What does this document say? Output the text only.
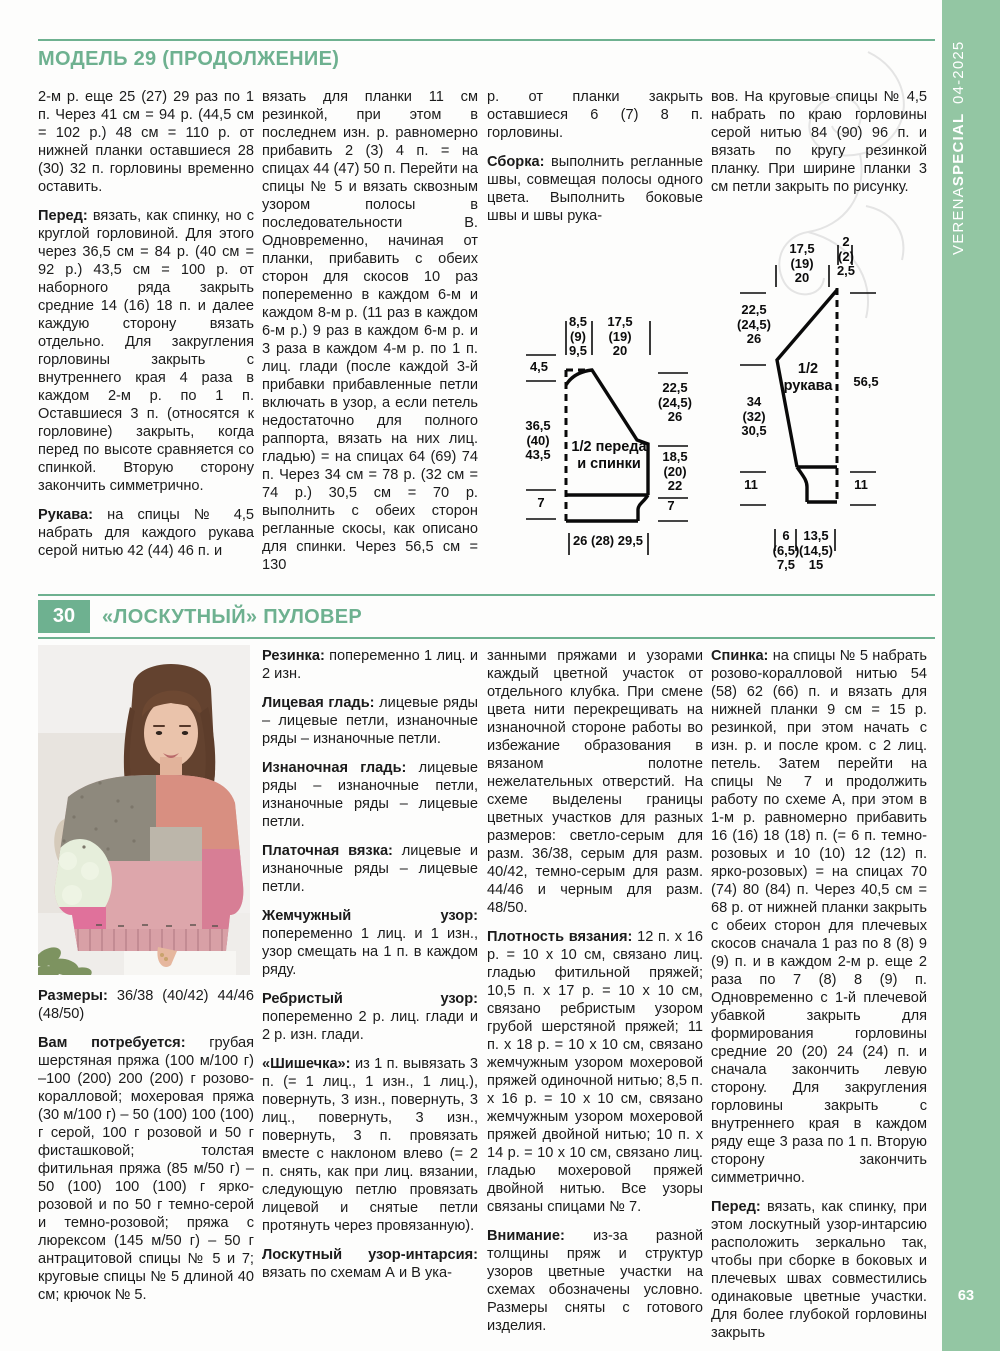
VERENASPECIAL04-2025
63
МОДЕЛЬ 29 (ПРОДОЛЖЕНИЕ)

2-м р. еще 25 (27) 29 раз по 1 п. Через 41 см = 94 р. (44,5 см = 102 р.) 48 см = 110 р. от нижней планки оставшиеся 28 (30) 32 п. горловины временно оставить.

Перед: вязать, как спинку, но с круглой горловиной. Для этого через 36,5 см = 84 р. (40 см = 92 р.) 43,5 см = 100 р. от наборного ряда закрыть средние 14 (16) 18 п. и далее каждую сторону вязать отдельно. Для закругления горловины закрыть с внутреннего края 4 раза в каждом 2-м р. по 1 п. Оставшиеся 3 п. (относятся к горловине) закрыть, когда перед по высоте сравняется со спинкой. Вторую сторону закончить симметрично.

Рукава: на спицы № 4,5 набрать для каждого рукава серой нитью 42 (44) 46 п. и

вязать для планки 11 см резинкой, при этом в последнем изн. р. равномерно прибавить 2 (3) 4 п. = на спицах 44 (47) 50 п. Перейти на спицы № 5 и вязать сквозным узором полосы в последовательности В. Одновременно, начиная от планки, прибавить с обеих сторон для скосов 10 раз попеременно в каждом 6-м и каждом 8-м р. (11 раз в каждом 6-м р.) 9 раз в каждом 6-м р. и 3 раза в каждом 4-м р. по 1 п. лиц. глади (после каждой 3-й прибавки прибавленные петли включать в узор, а если петель недостаточно для полного раппорта, вязать на них лиц. гладью) = на спицах 64 (69) 74 п. Через 34 см = 78 р. (32 см = 74 р.) 30,5 см = 70 р. выполнить с обеих сторон регланные скосы, как описано для спинки. Через 56,5 см = 130

р. от планки закрыть оставшиеся 6 (7) 8 п. горловины.

Сборка: выполнить регланные швы, совмещая полосы одного цвета. Выполнить боковые швы и швы рука-

вов. На круговые спицы № 4,5 набрать по краю горловины серой нитью 84 (90) 96 п. и вязать по кругу резинкой планку. При ширине планки 3 см петли закрыть по рисунку.

8,5
(9)
9,5
17,5
(19)
20
4,5
36,5
(40)
43,5
7
22,5
(24,5)
26
18,5
(20)
22
7
26 (28) 29,5
1/2 переда
и спинки
17,5
(19)
20
2
(2)
2,5
22,5
(24,5)
26
34
(32)
30,5
11
56,5
11
6
(6,5)
7,5
13,5
(14,5)
15
1/2
рукава
30	«ЛОСКУТНЫЙ» ПУЛОВЕР

Размеры: 36/38 (40/42) 44/46 (48/50)

Вам потребуется: грубая шерстяная пряжа (100 м/100 г) –100 (200) 200 (200) г розово-коралловой; мохеровая пряжа (30 м/100 г) – 50 (100) 100 (100) г серой, 100 г розовой и 50 г фисташковой; толстая фитильная пряжа (85 м/50 г) – 50 (100) 100 (100) г ярко-розовой и по 50 г темно-серой и темно-розовой; пряжа с люрексом (145 м/50 г) – 50 г антрацитовой спицы № 5 и 7; круговые спицы № 5 длиной 40 см; крючок № 5.

Резинка: попеременно 1 лиц. и 2 изн.

Лицевая гладь: лицевые ряды – лицевые петли, изнаночные ряды – изнаночные петли.

Изнаночная гладь: лицевые ряды – изнаночные петли, изнаночные ряды – лицевые петли.

Платочная вязка: лицевые и изнаночные ряды – лицевые петли.

Жемчужный узор: попеременно 1 лиц. и 1 изн., узор смещать на 1 п. в каждом ряду.

Ребристый узор: попеременно 2 р. лиц. глади и 2 р. изн. глади.

«Шишечка»: из 1 п. вывязать 3 п. (= 1 лиц., 1 изн., 1 лиц.), повернуть, 3 изн., повернуть, 3 лиц., повернуть, 3 изн., повернуть, 3 п. провязать вместе с наклоном влево (= 2 п. снять, как при лиц. вязании, следующую петлю провязать лицевой и снятые петли протянуть через провязанную).

Лоскутный узор-интарсия: вязать по схемам А и В ука-

занными пряжами и узорами каждый цветной участок от отдельного клубка. При смене цвета нити перекрещивать на изнаночной стороне работы во избежание образования в вязаном полотне нежелательных отверстий. На схеме выделены границы цветных участков для разных размеров: светло-серым для разм. 36/38, серым для разм. 40/42, темно-серым для разм. 44/46 и черным для разм. 48/50.

Плотность вязания: 12 п. х 16 р. = 10 х 10 см, связано лиц. гладью фитильной пряжей; 10,5 п. х 17 р. = 10 х 10 см, связано ребристым узором грубой шерстяной пряжей; 11 п. х 18 р. = 10 х 10 см, связано жемчужным узором мохеровой пряжей одиночной нитью; 8,5 п. х 16 р. = 10 х 10 см, связано жемчужным узором мохеровой пряжей двойной нитью; 10 п. х 14 р. = 10 х 10 см, связано лиц. гладью мохеровой пряжей двойной нитью. Все узоры связаны спицами № 7.

Внимание: из-за разной толщины пряж и структур узоров цветные участки на схемах обозначены условно. Размеры сняты с готового изделия.

Спинка: на спицы № 5 набрать розово-коралловой нитью 54 (58) 62 (66) п. и вязать для нижней планки 9 см = 15 р. резинкой, при этом начать с изн. р. и после кром. с 2 лиц. петель. Затем перейти на спицы № 7 и продолжить работу по схеме А, при этом в 1-м р. равномерно прибавить 16 (16) 18 (18) п. (= 6 п. темно-розовых и 10 (10) 12 (12) п. ярко-розовых) = на спицах 70 (74) 80 (84) п. Через 40,5 см = 68 р. от нижней планки закрыть с обеих сторон для плечевых скосов сначала 1 раз по 8 (8) 9 (9) п. и в каждом 2-м р. еще 2 раза по 7 (8) 8 (9) п. Одновременно с 1-й плечевой убавкой закрыть для формирования горловины средние 20 (20) 24 (24) п. и сначала закончить левую сторону. Для закругления горловины закрыть с внутреннего края в каждом ряду еще 3 раза по 1 п. Вторую сторону закончить симметрично.

Перед: вязать, как спинку, при этом лоскутный узор-интарсию расположить зеркально так, чтобы при сборке в боковых и плечевых швах совместились одинаковые цветные участки. Для более глубокой горловины закрыть
